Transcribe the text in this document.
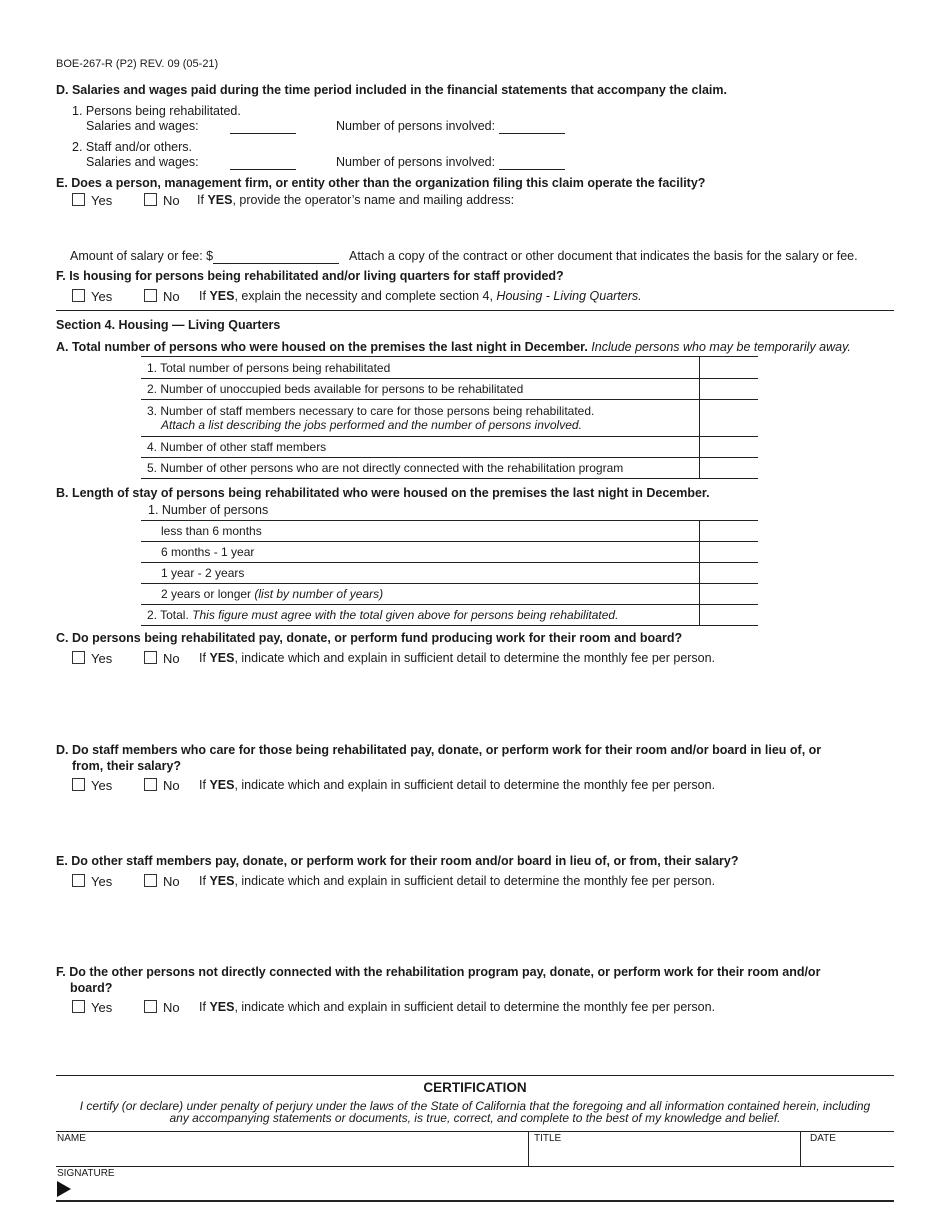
BOE-267-R (P2) REV. 09 (05-21)
D. Salaries and wages paid during the time period included in the financial statements that accompany the claim.
1. Persons being rehabilitated.
Salaries and wages:	Number of persons involved:
2. Staff and/or others.
Salaries and wages:	Number of persons involved:
E. Does a person, management firm, or entity other than the organization filing this claim operate the facility?
Yes	No If YES, provide the operator’s name and mailing address:
Amount of salary or fee: $	Attach a copy of the contract or other document that indicates the basis for the salary or fee.
F. Is housing for persons being rehabilitated and/or living quarters for staff provided?
Yes	No If YES, explain the necessity and complete section 4, Housing - Living Quarters.
Section 4. Housing — Living Quarters
A. Total number of persons who were housed on the premises the last night in December. Include persons who may be temporarily away.
1. Total number of persons being rehabilitated	
2. Number of unoccupied beds available for persons to be rehabilitated	
3. Number of staff members necessary to care for those persons being rehabilitated.
Attach a list describing the jobs performed and the number of persons involved.	
4. Number of other staff members	
5. Number of other persons who are not directly connected with the rehabilitation program	
B. Length of stay of persons being rehabilitated who were housed on the premises the last night in December.
1. Number of persons
less than 6 months	
6 months - 1 year	
1 year - 2 years	
2 years or longer (list by number of years)	
2. Total. This figure must agree with the total given above for persons being rehabilitated.	
C. Do persons being rehabilitated pay, donate, or perform fund producing work for their room and board?
Yes	No If YES, indicate which and explain in sufficient detail to determine the monthly fee per person.
D. Do staff members who care for those being rehabilitated pay, donate, or perform work for their room and/or board in lieu of, or
from, their salary?
Yes	No If YES, indicate which and explain in sufficient detail to determine the monthly fee per person.
E. Do other staff members pay, donate, or perform work for their room and/or board in lieu of, or from, their salary?
Yes	No If YES, indicate which and explain in sufficient detail to determine the monthly fee per person.
F. Do the other persons not directly connected with the rehabilitation program pay, donate, or perform work for their room and/or
board?
Yes	No If YES, indicate which and explain in sufficient detail to determine the monthly fee per person.
CERTIFICATION
I certify (or declare) under penalty of perjury under the laws of the State of California that the foregoing and all information contained herein, including
any accompanying statements or documents, is true, correct, and complete to the best of my knowledge and belief.
NAME	TITLE	DATE
SIGNATURE
